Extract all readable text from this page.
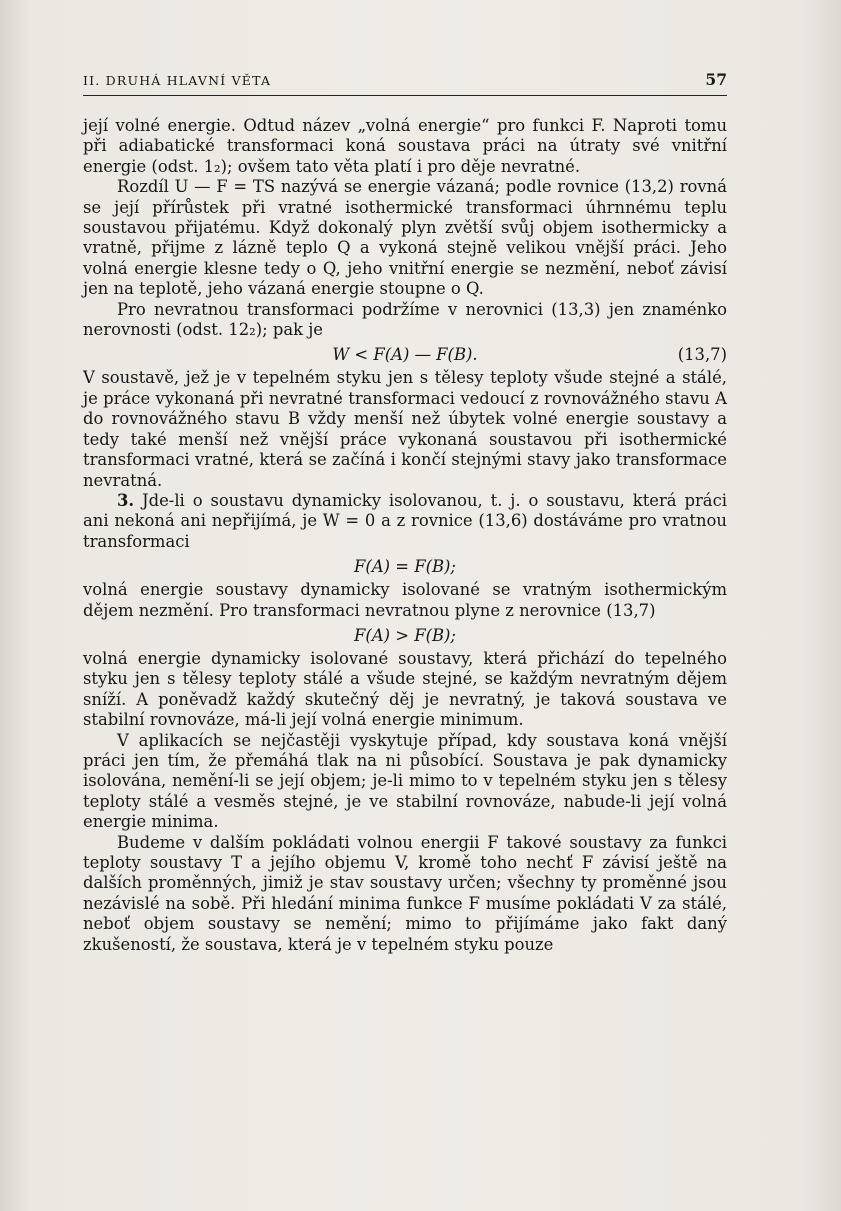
II. DRUHÁ HLAVNÍ VĚTA	57

její volné energie. Odtud název „volná energie“ pro funkci F. Naproti tomu při adiabatické transformaci koná soustava práci na útraty své vnitřní energie (odst. 1₂); ovšem tato věta platí i pro děje nevratné.

Rozdíl U — F = TS nazývá se energie vázaná; podle rovnice (13,2) rovná se její přírůstek při vratné isothermické transformaci úhrnnému teplu soustavou přijatému. Když dokonalý plyn zvětší svůj objem isothermicky a vratně, přijme z lázně teplo Q a vykoná stejně velikou vnější práci. Jeho volná energie klesne tedy o Q, jeho vnitřní energie se nezmění, neboť závisí jen na teplotě, jeho vázaná energie stoupne o Q.

Pro nevratnou transformaci podržíme v nerovnici (13,3) jen znaménko nerovnosti (odst. 12₂); pak je

W < F(A) — F(B).	(13,7)

V soustavě, jež je v tepelném styku jen s tělesy teploty všude stejné a stálé, je práce vykonaná při nevratné transformaci vedoucí z rovnovážného stavu A do rovnovážného stavu B vždy menší než úbytek volné energie soustavy a tedy také menší než vnější práce vykonaná soustavou při isothermické transformaci vratné, která se začíná i končí stejnými stavy jako transformace nevratná.

3. Jde-li o soustavu dynamicky isolovanou, t. j. o soustavu, která práci ani nekoná ani nepřijímá, je W = 0 a z rovnice (13,6) dostáváme pro vratnou transformaci

F(A) = F(B);

volná energie soustavy dynamicky isolované se vratným isothermickým dějem nezmění. Pro transformaci nevratnou plyne z nerovnice (13,7)

F(A) > F(B);

volná energie dynamicky isolované soustavy, která přichází do tepelného styku jen s tělesy teploty stálé a všude stejné, se každým nevratným dějem sníží. A poněvadž každý skutečný děj je nevratný, je taková soustava ve stabilní rovnováze, má-li její volná energie minimum.

V aplikacích se nejčastěji vyskytuje případ, kdy soustava koná vnější práci jen tím, že přemáhá tlak na ni působící. Soustava je pak dynamicky isolována, nemění-li se její objem; je-li mimo to v tepelném styku jen s tělesy teploty stálé a vesměs stejné, je ve stabilní rovnováze, nabude-li její volná energie minima.

Budeme v dalším pokládati volnou energii F takové soustavy za funkci teploty soustavy T a jejího objemu V, kromě toho nechť F závisí ještě na dalších proměnných, jimiž je stav soustavy určen; všechny ty proměnné jsou nezávislé na sobě. Při hledání minima funkce F musíme pokládati V za stálé, neboť objem soustavy se nemění; mimo to přijímáme jako fakt daný zkušeností, že soustava, která je v tepelném styku pouze
